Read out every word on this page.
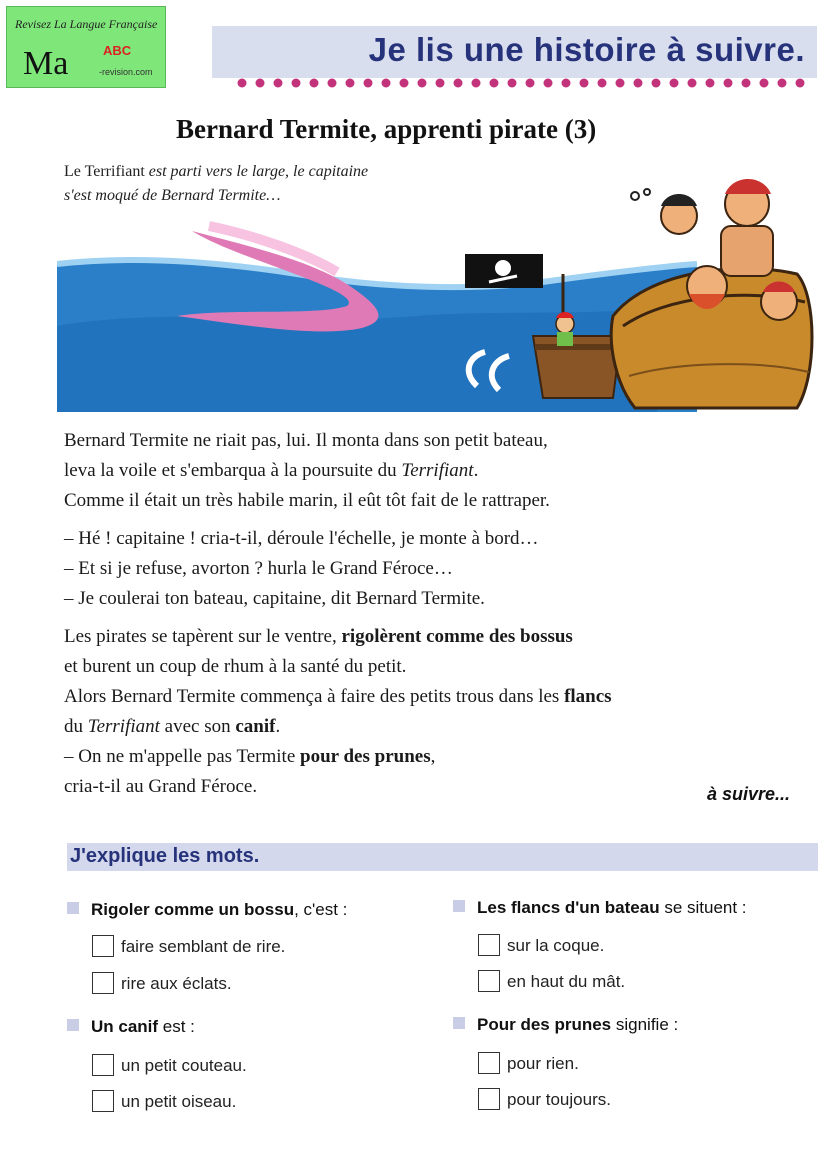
Revisez La Langue Française
Ma	ABC
-revision.com
Je lis une histoire à suivre.
Bernard Termite, apprenti pirate (3)
Le Terrifiant est parti vers le large, le capitaine
s'est moqué de Bernard Termite…

Bernard Termite ne riait pas, lui. Il monta dans son petit bateau,

leva la voile et s'embarqua à la poursuite du Terrifiant.

Comme il était un très habile marin, il eût tôt fait de le rattraper.

– Hé ! capitaine ! cria-t-il, déroule l'échelle, je monte à bord…

– Et si je refuse, avorton ? hurla le Grand Féroce…

– Je coulerai ton bateau, capitaine, dit Bernard Termite.

Les pirates se tapèrent sur le ventre, rigolèrent comme des bossus

et burent un coup de rhum à la santé du petit.

Alors Bernard Termite commença à faire des petits trous dans les flancs

du Terrifiant avec son canif.

– On ne m'appelle pas Termite pour des prunes,

cria-t-il au Grand Féroce.	à suivre...
J'explique les mots.
Rigoler comme un bossu, c'est :
faire semblant de rire.
rire aux éclats.
Les flancs d'un bateau se situent :
sur la coque.
en haut du mât.
Un canif est :
un petit couteau.
un petit oiseau.
Pour des prunes signifie :
pour rien.
pour toujours.
